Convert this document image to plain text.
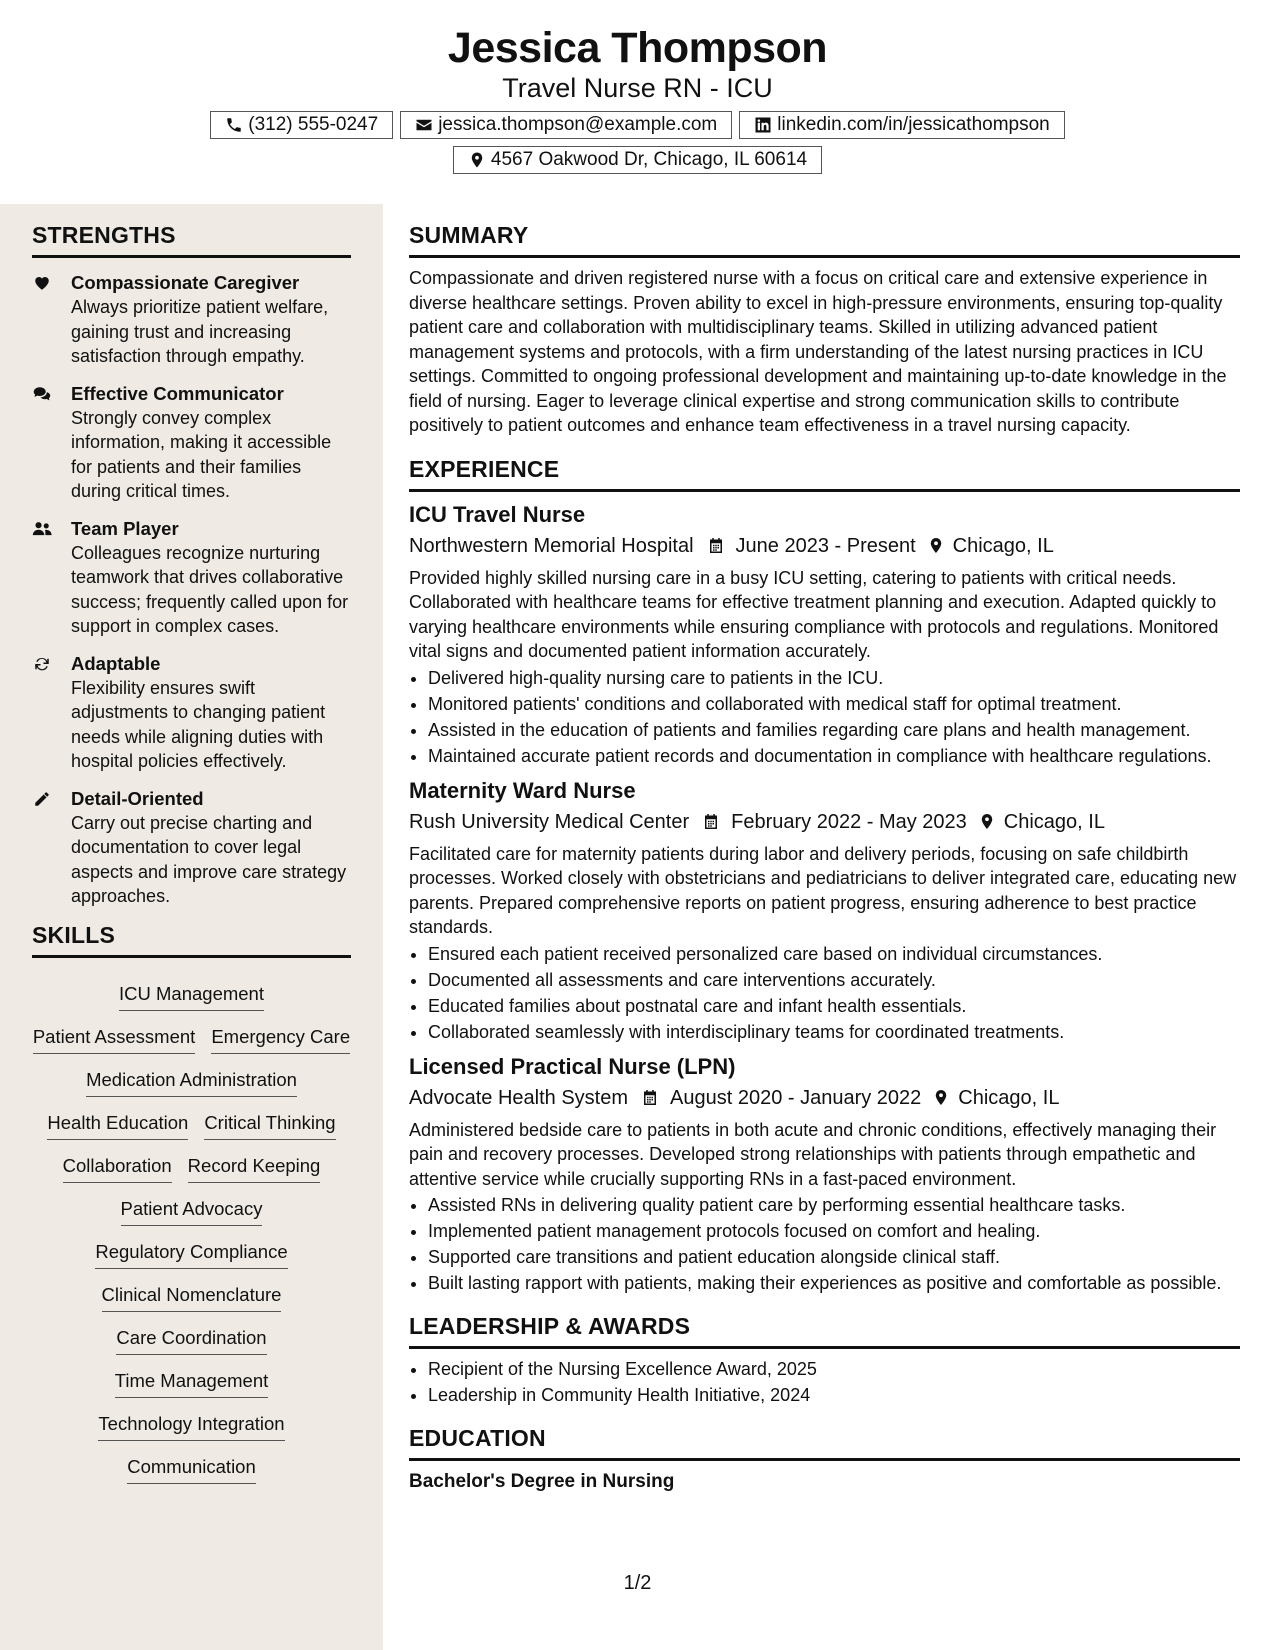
Jessica Thompson
Travel Nurse RN - ICU
(312) 555-0247	jessica.thompson@example.com	linkedin.com/in/jessicathompson
4567 Oakwood Dr, Chicago, IL 60614
STRENGTHS
Compassionate Caregiver
Always prioritize patient welfare, gaining trust and increasing satisfaction through empathy.
Effective Communicator
Strongly convey complex information, making it accessible for patients and their families during critical times.
Team Player
Colleagues recognize nurturing teamwork that drives collaborative success; frequently called upon for support in complex cases.
Adaptable
Flexibility ensures swift adjustments to changing patient needs while aligning duties with hospital policies effectively.
Detail-Oriented
Carry out precise charting and documentation to cover legal aspects and improve care strategy approaches.
SKILLS
ICU Management
Patient Assessment Emergency Care
Medication Administration
Health Education Critical Thinking
Collaboration Record Keeping
Patient Advocacy
Regulatory Compliance
Clinical Nomenclature
Care Coordination
Time Management
Technology Integration
Communication
SUMMARY
Compassionate and driven registered nurse with a focus on critical care and extensive experience in diverse healthcare settings. Proven ability to excel in high-pressure environments, ensuring top-quality patient care and collaboration with multidisciplinary teams. Skilled in utilizing advanced patient management systems and protocols, with a firm understanding of the latest nursing practices in ICU settings. Committed to ongoing professional development and maintaining up-to-date knowledge in the field of nursing. Eager to leverage clinical expertise and strong communication skills to contribute positively to patient outcomes and enhance team effectiveness in a travel nursing capacity.
EXPERIENCE
ICU Travel Nurse
Northwestern Memorial Hospital June 2023 - Present Chicago, IL
Provided highly skilled nursing care in a busy ICU setting, catering to patients with critical needs. Collaborated with healthcare teams for effective treatment planning and execution. Adapted quickly to varying healthcare environments while ensuring compliance with protocols and regulations. Monitored vital signs and documented patient information accurately.
• Delivered high-quality nursing care to patients in the ICU.
• Monitored patients' conditions and collaborated with medical staff for optimal treatment.
• Assisted in the education of patients and families regarding care plans and health management.
• Maintained accurate patient records and documentation in compliance with healthcare regulations.
Maternity Ward Nurse
Rush University Medical Center February 2022 - May 2023 Chicago, IL
Facilitated care for maternity patients during labor and delivery periods, focusing on safe childbirth processes. Worked closely with obstetricians and pediatricians to deliver integrated care, educating new parents. Prepared comprehensive reports on patient progress, ensuring adherence to best practice standards.
• Ensured each patient received personalized care based on individual circumstances.
• Documented all assessments and care interventions accurately.
• Educated families about postnatal care and infant health essentials.
• Collaborated seamlessly with interdisciplinary teams for coordinated treatments.
Licensed Practical Nurse (LPN)
Advocate Health System August 2020 - January 2022 Chicago, IL
Administered bedside care to patients in both acute and chronic conditions, effectively managing their pain and recovery processes. Developed strong relationships with patients through empathetic and attentive service while crucially supporting RNs in a fast-paced environment.
• Assisted RNs in delivering quality patient care by performing essential healthcare tasks.
• Implemented patient management protocols focused on comfort and healing.
• Supported care transitions and patient education alongside clinical staff.
• Built lasting rapport with patients, making their experiences as positive and comfortable as possible.
LEADERSHIP & AWARDS
• Recipient of the Nursing Excellence Award, 2025
• Leadership in Community Health Initiative, 2024
EDUCATION
Bachelor's Degree in Nursing
1/2
